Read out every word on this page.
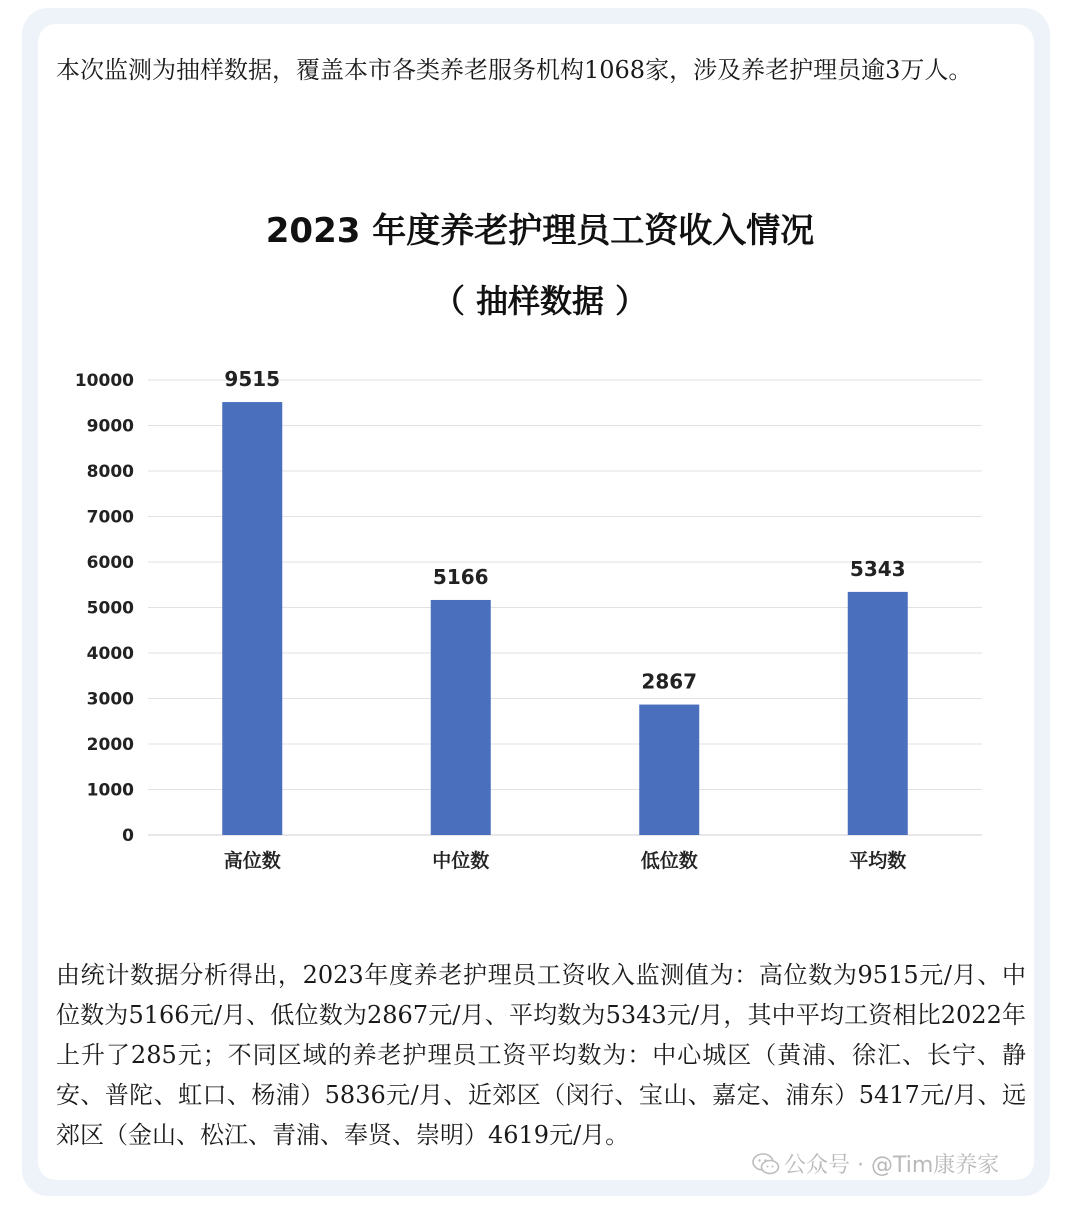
本次监测为抽样数据，覆盖本市各类养老服务机构1068家，涉及养老护理员逾3万人。

2023 年度养老护理员工资收入情况
（ 抽样数据 ）
0
1000
2000
3000
4000
5000
6000
7000
8000
9000
10000	9515
5166
2867
5343
高位数	中位数	低位数	平均数

由统计数据分析得出，2023年度养老护理员工资收入监测值为：高位数为9515元/月、中位数为5166元/月、低位数为2867元/月、平均数为5343元/月，其中平均工资相比2022年上升了285元；不同区域的养老护理员工资平均数为：中心城区（黄浦、徐汇、长宁、静安、普陀、虹口、杨浦）5836元/月、近郊区（闵行、宝山、嘉定、浦东）5417元/月、远郊区（金山、松江、青浦、奉贤、崇明）4619元/月。

公众号 · @Tim康养家
